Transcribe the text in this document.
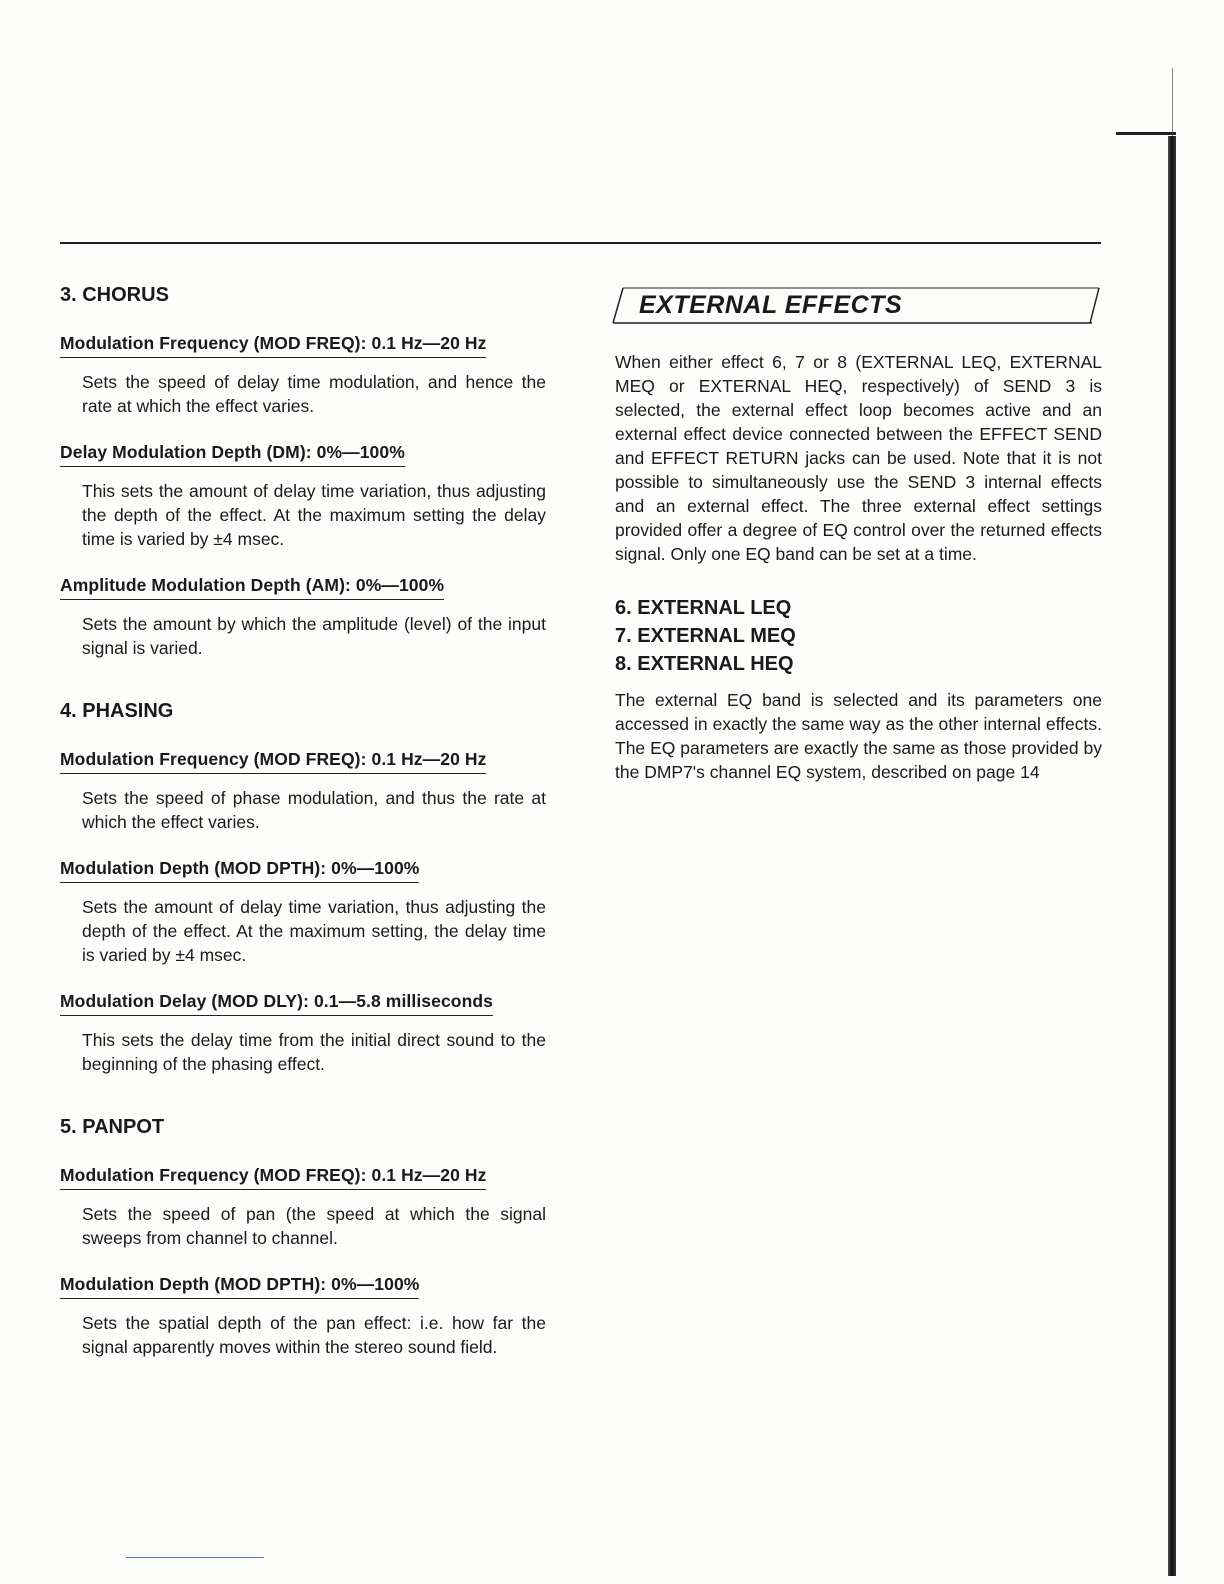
3. CHORUS

Modulation Frequency (MOD FREQ): 0.1 Hz—20 Hz

Sets the speed of delay time modulation, and hence the rate at which the effect varies.

Delay Modulation Depth (DM): 0%—100%

This sets the amount of delay time variation, thus adjusting the depth of the effect. At the maximum setting the delay time is varied by ±4 msec.

Amplitude Modulation Depth (AM): 0%—100%

Sets the amount by which the amplitude (level) of the input signal is varied.

4. PHASING

Modulation Frequency (MOD FREQ): 0.1 Hz—20 Hz

Sets the speed of phase modulation, and thus the rate at which the effect varies.

Modulation Depth (MOD DPTH): 0%—100%

Sets the amount of delay time variation, thus adjusting the depth of the effect. At the maximum setting, the delay time is varied by ±4 msec.

Modulation Delay (MOD DLY): 0.1—5.8 milliseconds

This sets the delay time from the initial direct sound to the beginning of the phasing effect.

5. PANPOT

Modulation Frequency (MOD FREQ): 0.1 Hz—20 Hz

Sets the speed of pan (the speed at which the signal sweeps from channel to channel.

Modulation Depth (MOD DPTH): 0%—100%

Sets the spatial depth of the pan effect: i.e. how far the signal apparently moves within the stereo sound field.

EXTERNAL EFFECTS

When either effect 6, 7 or 8 (EXTERNAL LEQ, EXTERNAL MEQ or EXTERNAL HEQ, respectively) of SEND 3 is selected, the external effect loop becomes active and an external effect device connected between the EFFECT SEND and EFFECT RETURN jacks can be used. Note that it is not possible to simultaneously use the SEND 3 internal effects and an external effect. The three external effect settings provided offer a degree of EQ control over the returned effects signal. Only one EQ band can be set at a time.

6. EXTERNAL LEQ
7. EXTERNAL MEQ
8. EXTERNAL HEQ

The external EQ band is selected and its parameters one accessed in exactly the same way as the other internal effects. The EQ parameters are exactly the same as those provided by the DMP7's channel EQ system, described on page 14
